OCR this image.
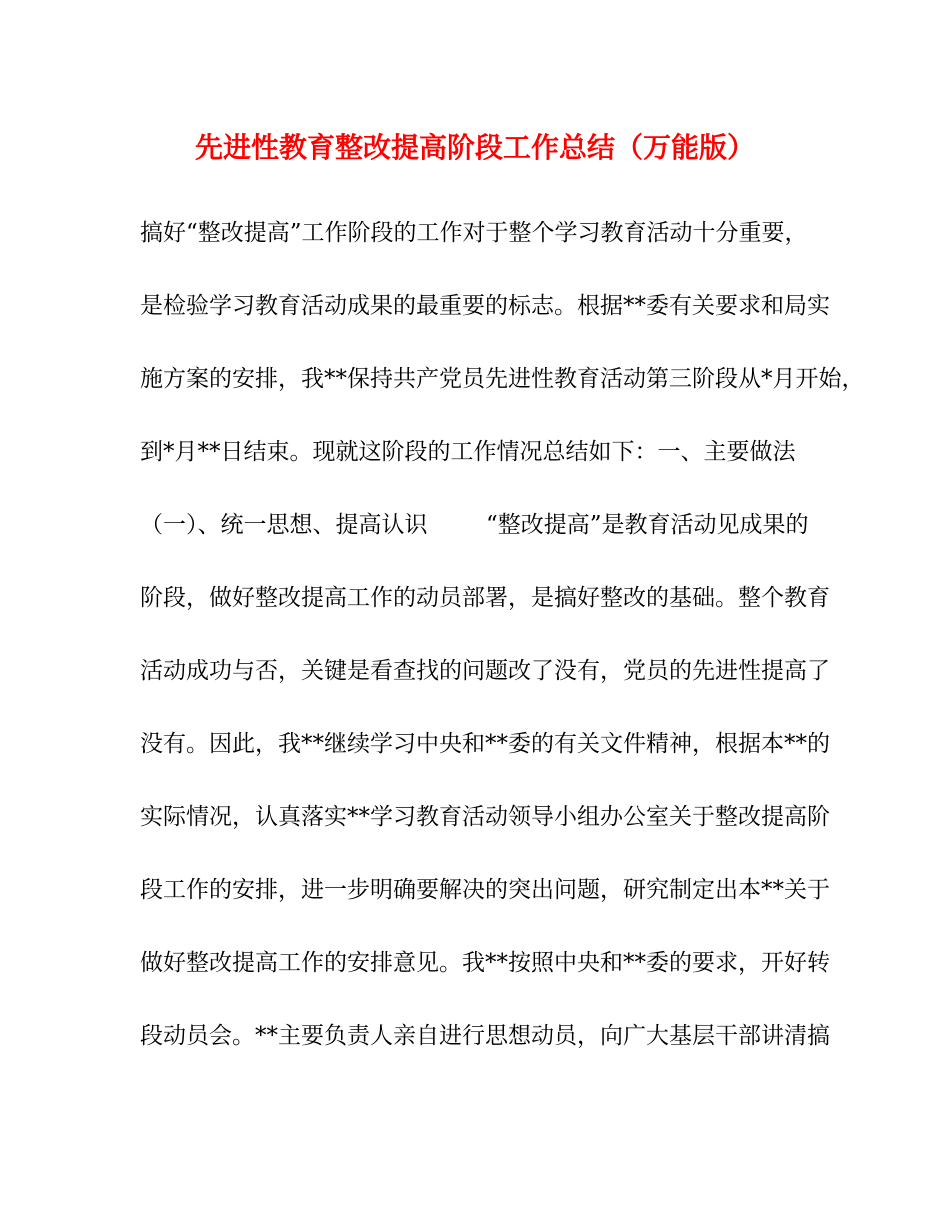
先进性教育整改提高阶段工作总结（万能版）
搞好“整改提高”工作阶段的工作对于整个学习教育活动十分重要，
是检验学习教育活动成果的最重要的标志。根据**委有关要求和局实
施方案的安排，我**保持共产党员先进性教育活动第三阶段从*月开始，
到*月**日结束。现就这阶段的工作情况总结如下：一、主要做法
（一）、统一思想、提高认识        “整改提高”是教育活动见成果的
阶段，做好整改提高工作的动员部署，是搞好整改的基础。整个教育
活动成功与否，关键是看查找的问题改了没有，党员的先进性提高了
没有。因此，我**继续学习中央和**委的有关文件精神，根据本**的
实际情况，认真落实**学习教育活动领导小组办公室关于整改提高阶
段工作的安排，进一步明确要解决的突出问题，研究制定出本**关于
做好整改提高工作的安排意见。我**按照中央和**委的要求，开好转
段动员会。**主要负责人亲自进行思想动员，向广大基层干部讲清搞
